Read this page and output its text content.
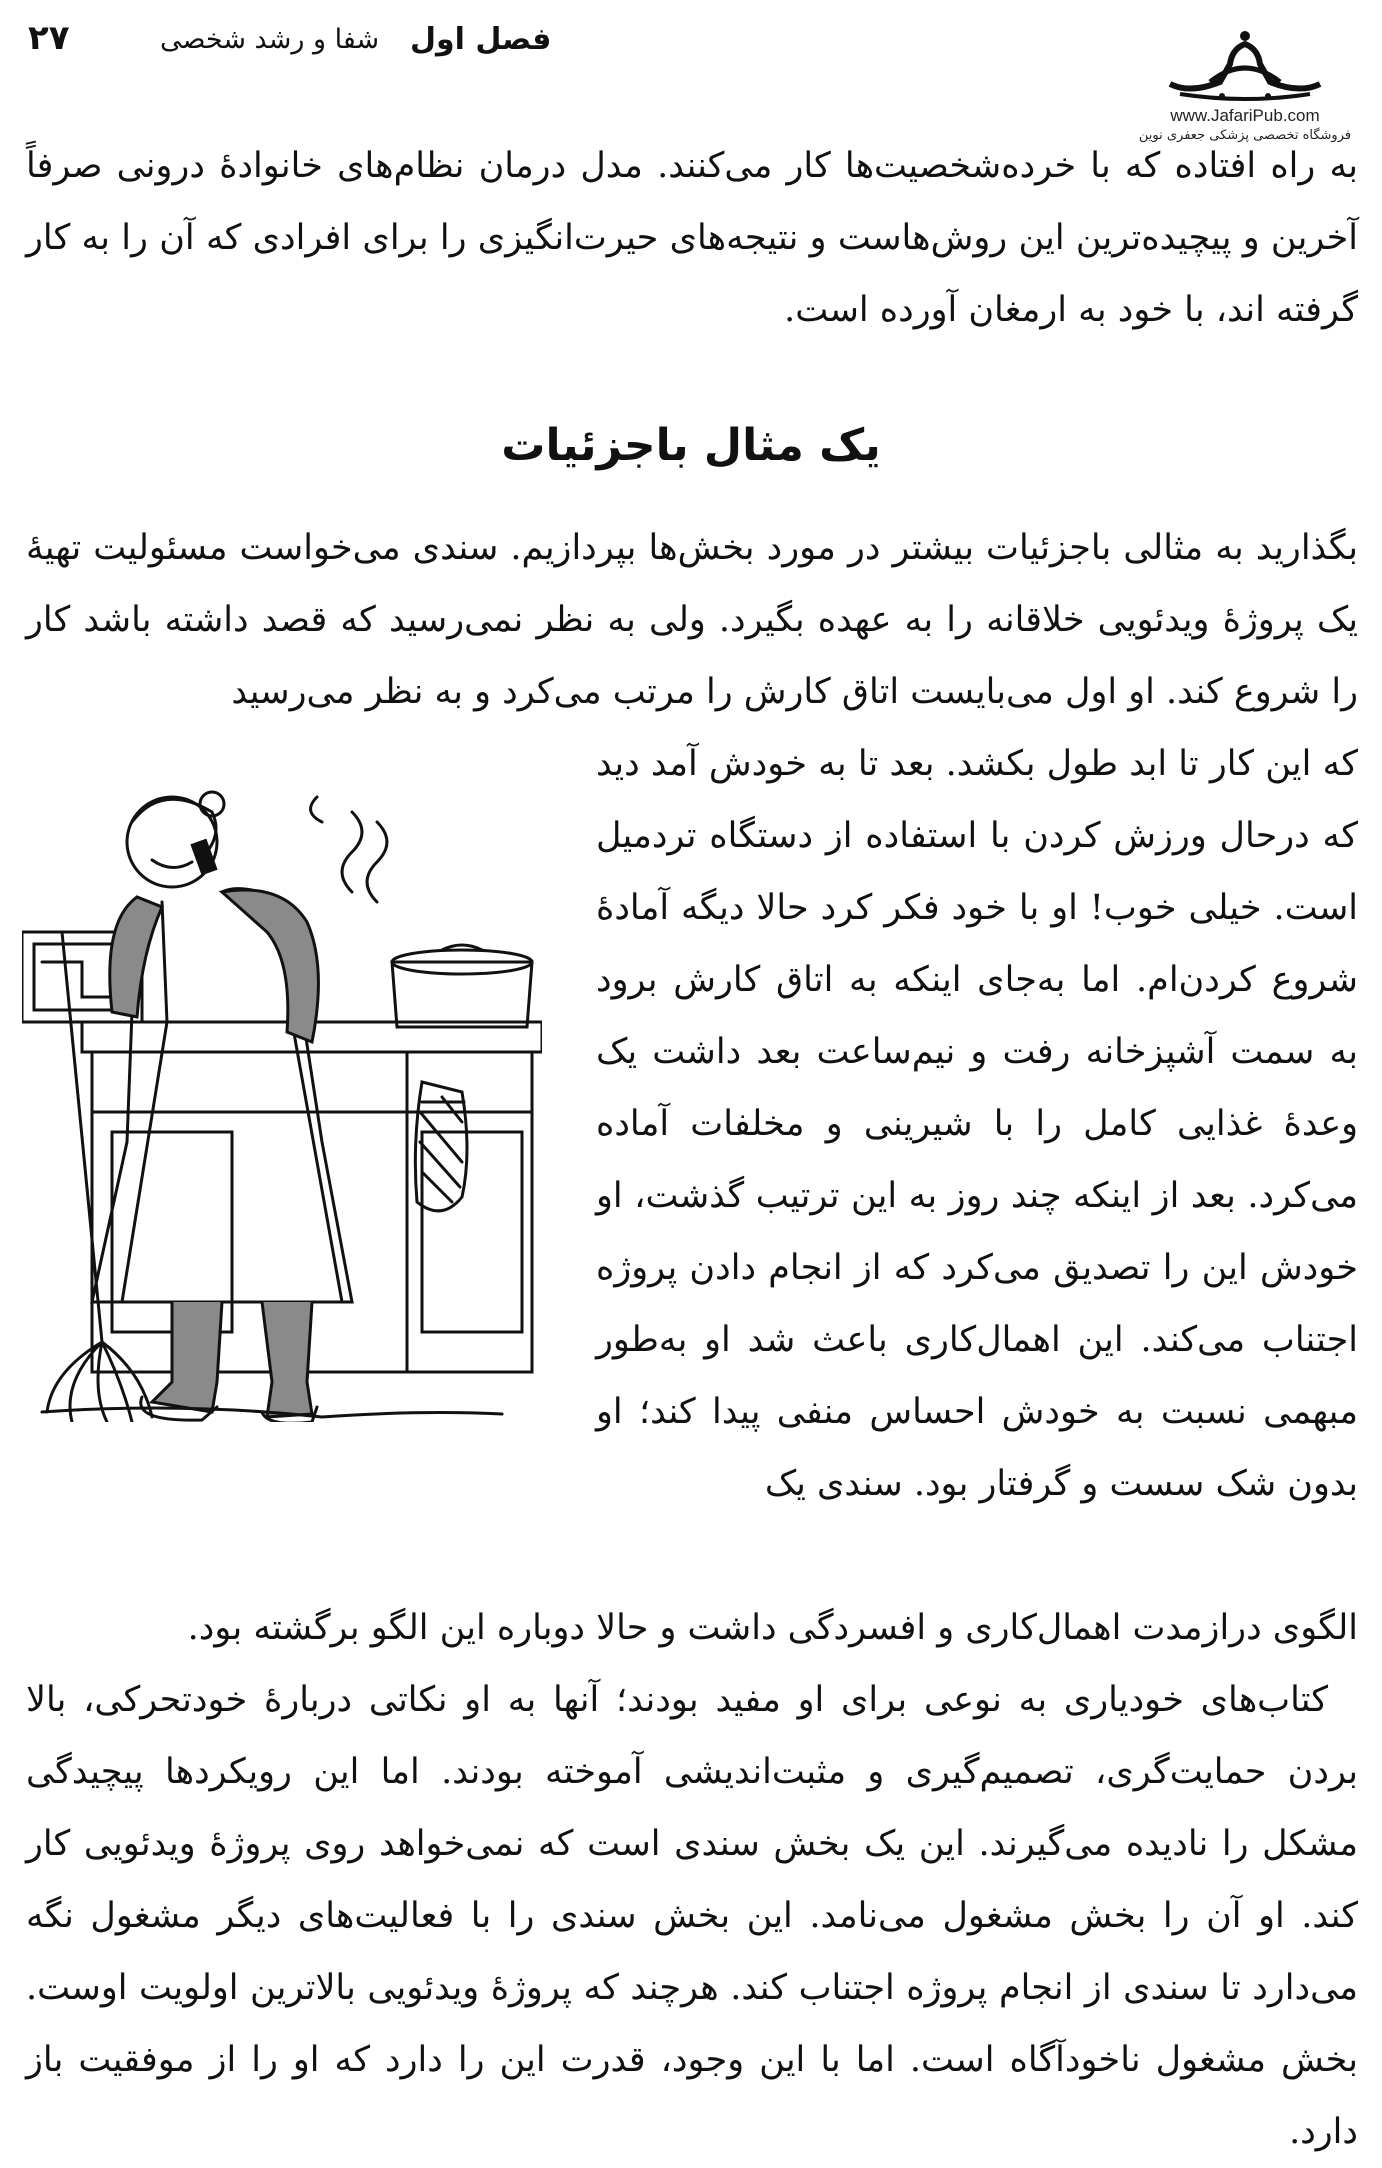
۲۷	شفا و رشد شخصی فصل اول
www.JafariPub.com
فروشگاه تخصصی پزشکی جعفری نوین

به راه افتاده که با خرده‌شخصیت‌ها کار می‌کنند. مدل درمان نظام‌های خانوادهٔ درونی صرفاً آخرین و پیچیده‌ترین این روش‌هاست و نتیجه‌های حیرت‌انگیزی را برای افرادی که آن را به کار گرفته اند، با خود به ارمغان آورده است.

یک مثال باجزئیات

بگذارید به مثالی باجزئیات بیشتر در مورد بخش‌ها بپردازیم. سندی می‌خواست مسئولیت تهیهٔ یک پروژهٔ ویدئویی خلاقانه را به عهده بگیرد. ولی به نظر نمی‌رسید که قصد داشته باشد کار را شروع کند. او اول می‌بایست اتاق کارش را مرتب می‌کرد و به نظر می‌رسید

که این کار تا ابد طول بکشد. بعد تا به خودش آمد دید که درحال ورزش کردن با استفاده از دستگاه تردمیل است. خیلی خوب! او با خود فکر کرد حالا دیگه آمادهٔ شروع کردن‌ام. اما به‌جای اینکه به اتاق کارش برود به سمت آشپزخانه رفت و نیم‌ساعت بعد داشت یک وعدهٔ غذایی کامل را با شیرینی و مخلفات آماده می‌کرد. بعد از اینکه چند روز به این ترتیب گذشت، او خودش این را تصدیق می‌کرد که از انجام دادن پروژه اجتناب می‌کند. این اهمال‌کاری باعث شد او به‌طور مبهمی نسبت به خودش احساس منفی پیدا کند؛ او بدون شک سست و گرفتار بود. سندی یک

الگوی درازمدت اهمال‌کاری و افسردگی داشت و حالا دوباره این الگو برگشته بود.

کتاب‌های خودیاری به نوعی برای او مفید بودند؛ آنها به او نکاتی دربارهٔ خودتحرکی، بالا بردن حمایت‌گری، تصمیم‌گیری و مثبت‌اندیشی آموخته بودند. اما این رویکردها پیچیدگی مشکل را نادیده می‌گیرند. این یک بخش سندی است که نمی‌خواهد روی پروژهٔ ویدئویی کار کند. او آن را بخش مشغول می‌نامد. این بخش سندی را با فعالیت‌های دیگر مشغول نگه می‌دارد تا سندی از انجام پروژه اجتناب کند. هرچند که پروژهٔ ویدئویی بالاترین اولویت اوست. بخش مشغول ناخودآگاه است. اما با این وجود، قدرت این را دارد که او را از موفقیت باز دارد.
